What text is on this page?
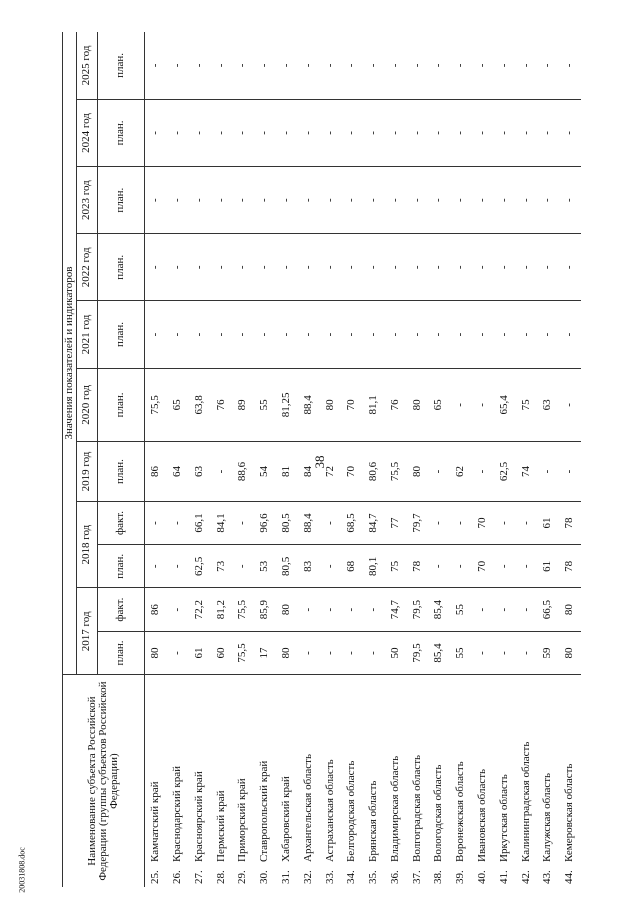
38
20031808.doc
Наименование субъекта Российской Федерации (группы субъектов Российской Федерации)	Значения показателей и индикаторов										
	2017 год		2018 год		2019 год	2020 год	2021 год	2022 год	2023 год	2024 год	2025 год
	план.	факт.	план.	факт.	план.	план.	план.	план.	план.	план.	план.
25.Камчатский край	80	86	-	-	86	75,5	-	-	-	-	-
26.Краснодарский край	-	-	-	-	64	65	-	-	-	-	-
27.Красноярский край	61	72,2	62,5	66,1	63	63,8	-	-	-	-	-
28.Пермский край	60	81,2	73	84,1	-	76	-	-	-	-	-
29.Приморский край	75,5	75,5	-	-	88,6	89	-	-	-	-	-
30.Ставропольский край	17	85,9	53	96,6	54	55	-	-	-	-	-
31.Хабаровский край	80	80	80,5	80,5	81	81,25	-	-	-	-	-
32.Архангельская область	-	-	83	88,4	84	88,4	-	-	-	-	-
33.Астраханская область	-	-	-	-	72	80	-	-	-	-	-
34.Белгородская область	-	-	68	68,5	70	70	-	-	-	-	-
35.Брянская область	-	-	80,1	84,7	80,6	81,1	-	-	-	-	-
36.Владимирская область	50	74,7	75	77	75,5	76	-	-	-	-	-
37.Волгоградская область	79,5	79,5	78	79,7	80	80	-	-	-	-	-
38.Вологодская область	85,4	85,4	-	-	-	65	-	-	-	-	-
39.Воронежская область	55	55	-	-	62	-	-	-	-	-	-
40.Ивановская область	-	-	70	70	-	-	-	-	-	-	-
41.Иркутская область	-	-	-	-	62,5	65,4	-	-	-	-	-
42.Калининградская область	-	-	-	-	74	75	-	-	-	-	-
43.Калужская область	59	66,5	61	61	-	63	-	-	-	-	-
44.Кемеровская область	80	80	78	78	-	-	-	-	-	-	-
